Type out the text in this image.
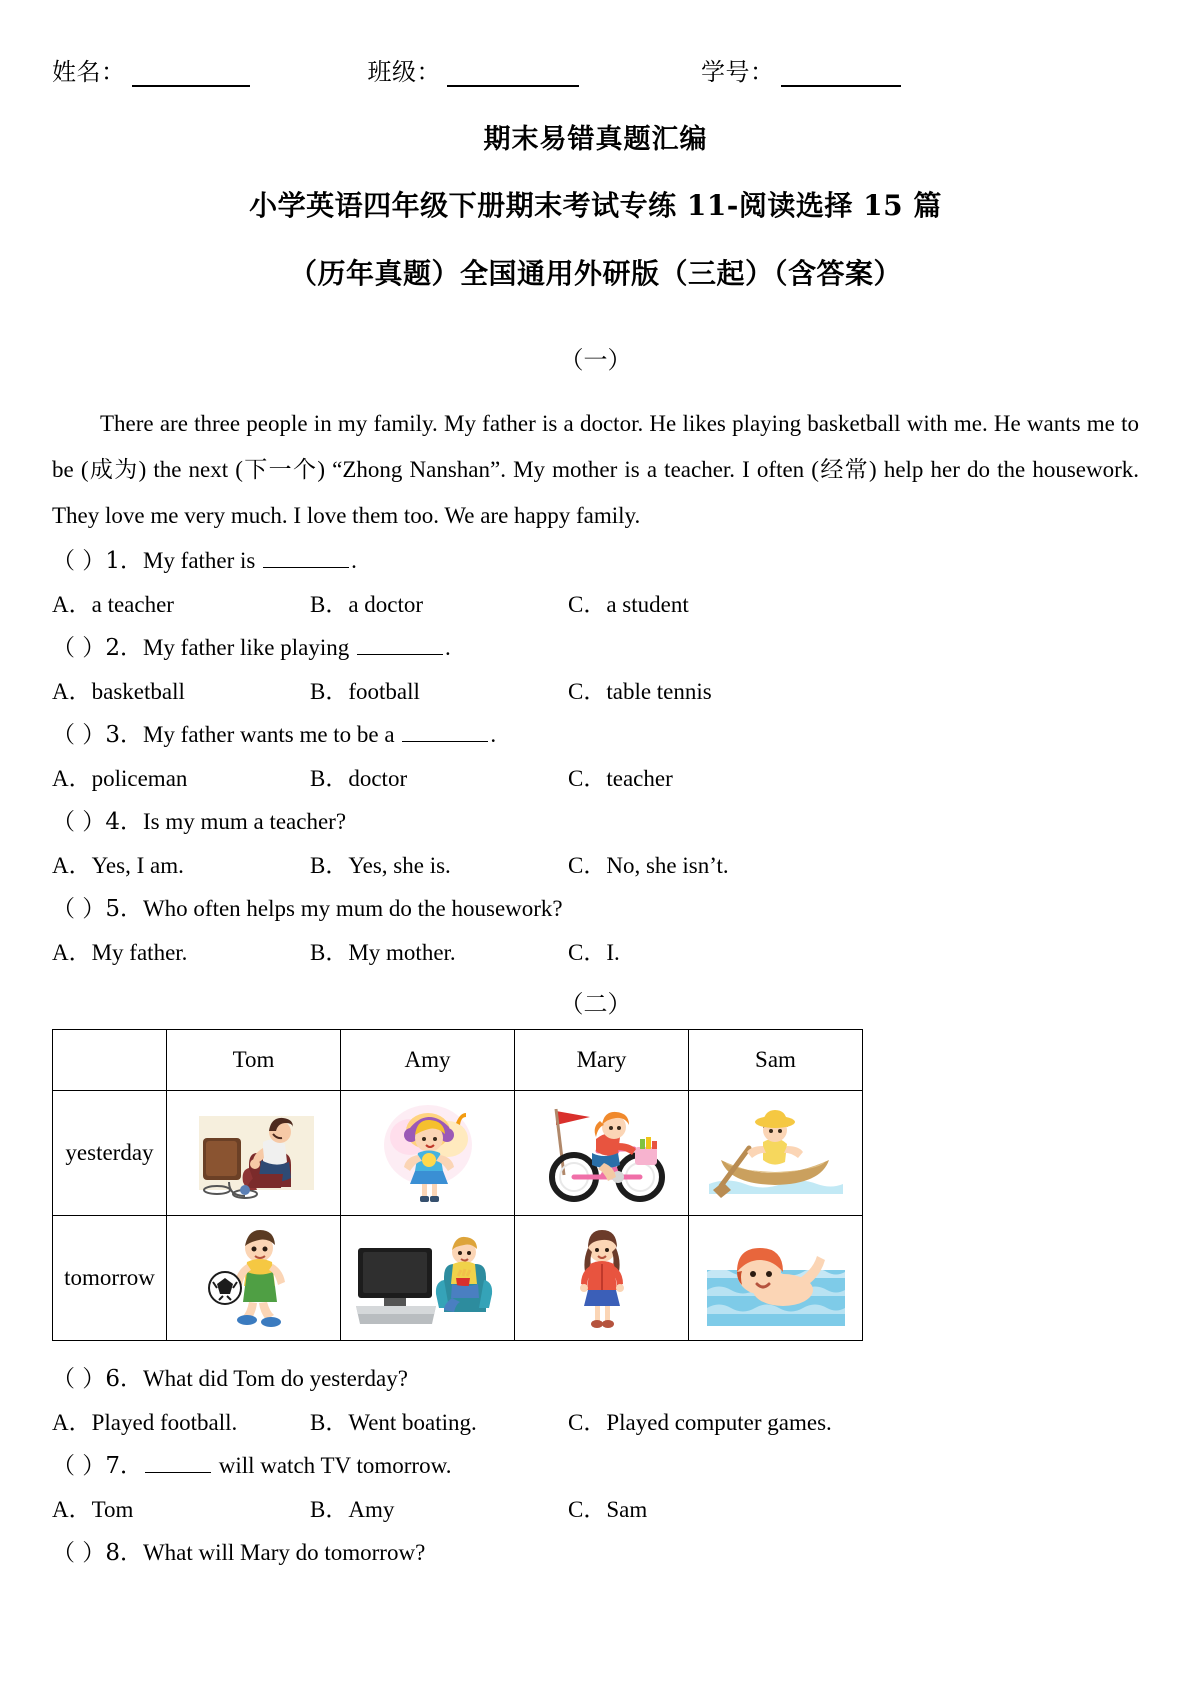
姓名：	班级：	学号：
期末易错真题汇编
小学英语四年级下册期末考试专练 11-阅读选择 15 篇
（历年真题）全国通用外研版（三起）（含答案）
（一）
There are three people in my family. My father is a doctor. He likes playing basketball with me. He wants me to be (成为) the next (下一个) “Zhong Nanshan”. My mother is a teacher. I often (经常) help her do the housework. They love me very much. I love them too. We are happy family.
（ ）1．My father is	.
A．a teacher	B．a doctor	C．a student
（ ）2．My father like playing	.
A．basketball	B．football	C．table tennis
（ ）3．My father wants me to be a	.
A．policeman	B．doctor	C．teacher
（ ）4．Is my mum a teacher?
A．Yes, I am.	B．Yes, she is.	C．No, she isn’t.
（ ）5．Who often helps my mum do the housework?
A．My father.	B．My mother.	C．I.
（二）
	Tom	Amy	Mary	Sam
yesterday	

tomorrow	

（ ）6．What did Tom do yesterday?
A．Played football.	B．Went boating.	C．Played computer games.
（ ）7．	will watch TV tomorrow.
A．Tom	B．Amy	C．Sam
（ ）8．What will Mary do tomorrow?
